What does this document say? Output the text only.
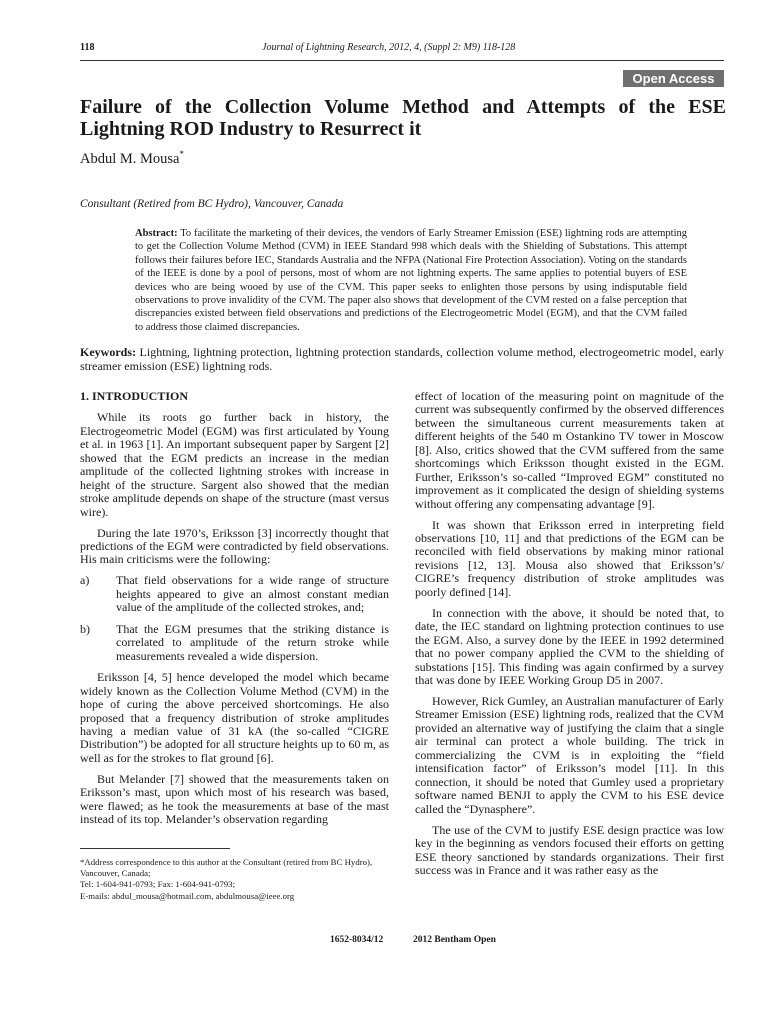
118	Journal of Lightning Research, 2012, 4, (Suppl 2: M9) 118-128
Open Access
Failure of the Collection Volume Method and Attempts of the ESE Lightning ROD Industry to Resurrect it
Abdul M. Mousa*
Consultant (Retired from BC Hydro), Vancouver, Canada
Abstract: To facilitate the marketing of their devices, the vendors of Early Streamer Emission (ESE) lightning rods are attempting to get the Collection Volume Method (CVM) in IEEE Standard 998 which deals with the Shielding of Substations. This attempt follows their failures before IEC, Standards Australia and the NFPA (National Fire Protection Association). Voting on the standards of the IEEE is done by a pool of persons, most of whom are not lightning experts. The same applies to potential buyers of ESE devices who are being wooed by use of the CVM. This paper seeks to enlighten those persons by using indisputable field observations to prove invalidity of the CVM. The paper also shows that development of the CVM rested on a false perception that discrepancies existed between field observations and predictions of the Electrogeometric Model (EGM), and that the CVM failed to address those claimed discrepancies.
Keywords: Lightning, lightning protection, lightning protection standards, collection volume method, electrogeometric model, early streamer emission (ESE) lightning rods.
1. INTRODUCTION

While its roots go further back in history, the Electrogeometric Model (EGM) was first articulated by Young et al. in 1963 [1]. An important subsequent paper by Sargent [2] showed that the EGM predicts an increase in the median amplitude of the collected lightning strokes with increase in height of the structure. Sargent also showed that the median stroke amplitude depends on shape of the structure (mast versus wire).

During the late 1970’s, Eriksson [3] incorrectly thought that predictions of the EGM were contradicted by field observations. His main criticisms were the following:

a)	That field observations for a wide range of structure heights appeared to give an almost constant median value of the amplitude of the collected strokes, and;
b)	That the EGM presumes that the striking distance is correlated to amplitude of the return stroke while measurements revealed a wide dispersion.

Eriksson [4, 5] hence developed the model which became widely known as the Collection Volume Method (CVM) in the hope of curing the above perceived shortcomings. He also proposed that a frequency distribution of stroke amplitudes having a median value of 31 kA (the so-called “CIGRE Distribution”) be adopted for all structure heights up to 60 m, as well as for the strokes to flat ground [6].

But Melander [7] showed that the measurements taken on Eriksson’s mast, upon which most of his research was based, were flawed; as he took the measurements at base of the mast instead of its top. Melander’s observation regarding

effect of location of the measuring point on magnitude of the current was subsequently confirmed by the observed differences between the simultaneous current measurements taken at different heights of the 540 m Ostankino TV tower in Moscow [8]. Also, critics showed that the CVM suffered from the same shortcomings which Eriksson thought existed in the EGM. Further, Eriksson’s so-called “Improved EGM” constituted no improvement as it complicated the design of shielding systems without offering any compensating advantage [9].

It was shown that Eriksson erred in interpreting field observations [10, 11] and that predictions of the EGM can be reconciled with field observations by making minor rational revisions [12, 13]. Mousa also showed that Eriksson’s/ CIGRE’s frequency distribution of stroke amplitudes was poorly defined [14].

In connection with the above, it should be noted that, to date, the IEC standard on lightning protection continues to use the EGM. Also, a survey done by the IEEE in 1992 determined that no power company applied the CVM to the shielding of substations [15]. This finding was again confirmed by a survey that was done by IEEE Working Group D5 in 2007.

However, Rick Gumley, an Australian manufacturer of Early Streamer Emission (ESE) lightning rods, realized that the CVM provided an alternative way of justifying the claim that a single air terminal can protect a whole building. The trick in commercializing the CVM is in exploiting the “field intensification factor” of Eriksson’s model [11]. In this connection, it should be noted that Gumley used a proprietary software named BENJI to apply the CVM to his ESE device called the “Dynasphere”.

The use of the CVM to justify ESE design practice was low key in the beginning as vendors focused their efforts on getting ESE theory sanctioned by standards organizations. Their first success was in France and it was rather easy as the

*Address correspondence to this author at the Consultant (retired from BC Hydro), Vancouver, Canada;
Tel: 1-604-941-0793; Fax: 1-604-941-0793;
E-mails: abdul_mousa@hotmail.com, abdulmousa@ieee.org
1652-8034/12	2012 Bentham Open
